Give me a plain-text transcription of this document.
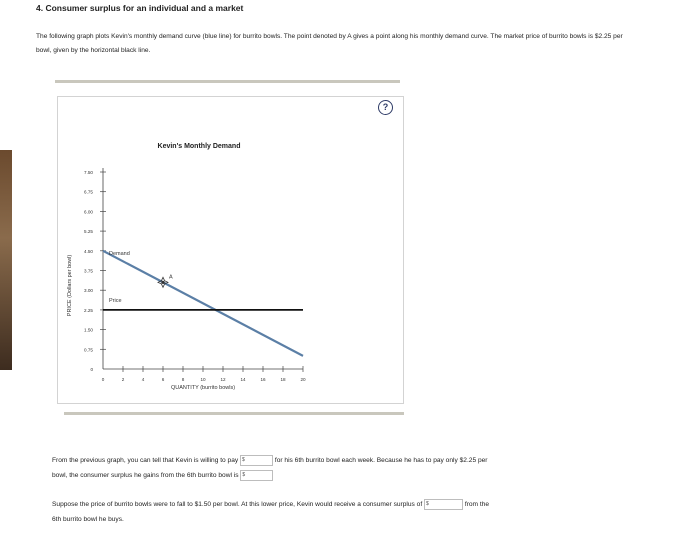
4. Consumer surplus for an individual and a market
The following graph plots Kevin's monthly demand curve (blue line) for burrito bowls. The point denoted by A gives a point along his monthly demand curve. The market price of burrito bowls is $2.25 per bowl, given by the horizontal black line.
Kevin's Monthly Demand
0
0.75
1.50
2.25
3.00
3.75
4.50
5.25
6.00
6.75
7.50
0	2	4	6	8	10	12	14	16	18	20
QUANTITY (burrito bowls)
PRICE (Dollars per bowl)
Demand
Price
A
?
From the previous graph, you can tell that Kevin is willing to pay $	for his 6th burrito bowl each week. Because he has to pay only $2.25 per
bowl, the consumer surplus he gains from the 6th burrito bowl is $
Suppose the price of burrito bowls were to fall to $1.50 per bowl. At this lower price, Kevin would receive a consumer surplus of $	from the
6th burrito bowl he buys.
